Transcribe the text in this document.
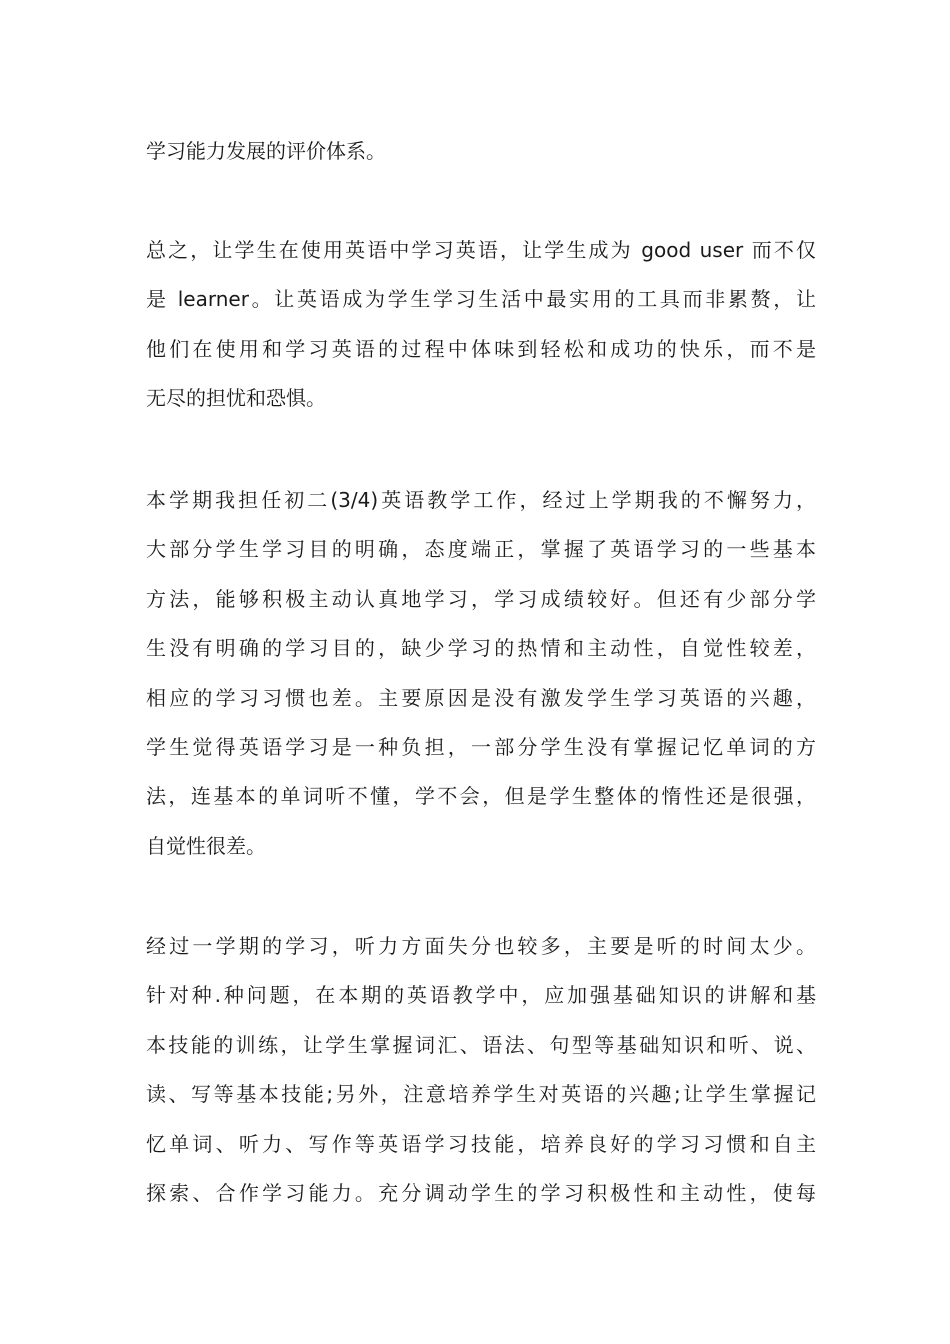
学习能力发展的评价体系。
总之，让学生在使用英语中学习英语，让学生成为 good user 而不仅
是 learner。让英语成为学生学习生活中最实用的工具而非累赘，让
他们在使用和学习英语的过程中体味到轻松和成功的快乐，而不是
无尽的担忧和恐惧。
本学期我担任初二(3/4)英语教学工作，经过上学期我的不懈努力，
大部分学生学习目的明确，态度端正，掌握了英语学习的一些基本
方法，能够积极主动认真地学习，学习成绩较好。但还有少部分学
生没有明确的学习目的，缺少学习的热情和主动性，自觉性较差，
相应的学习习惯也差。主要原因是没有激发学生学习英语的兴趣，
学生觉得英语学习是一种负担，一部分学生没有掌握记忆单词的方
法，连基本的单词听不懂，学不会，但是学生整体的惰性还是很强，
自觉性很差。
经过一学期的学习，听力方面失分也较多，主要是听的时间太少。
针对种.种问题，在本期的英语教学中，应加强基础知识的讲解和基
本技能的训练，让学生掌握词汇、语法、句型等基础知识和听、说、
读、写等基本技能;另外，注意培养学生对英语的兴趣;让学生掌握记
忆单词、听力、写作等英语学习技能，培养良好的学习习惯和自主
探索、合作学习能力。充分调动学生的学习积极性和主动性，使每
